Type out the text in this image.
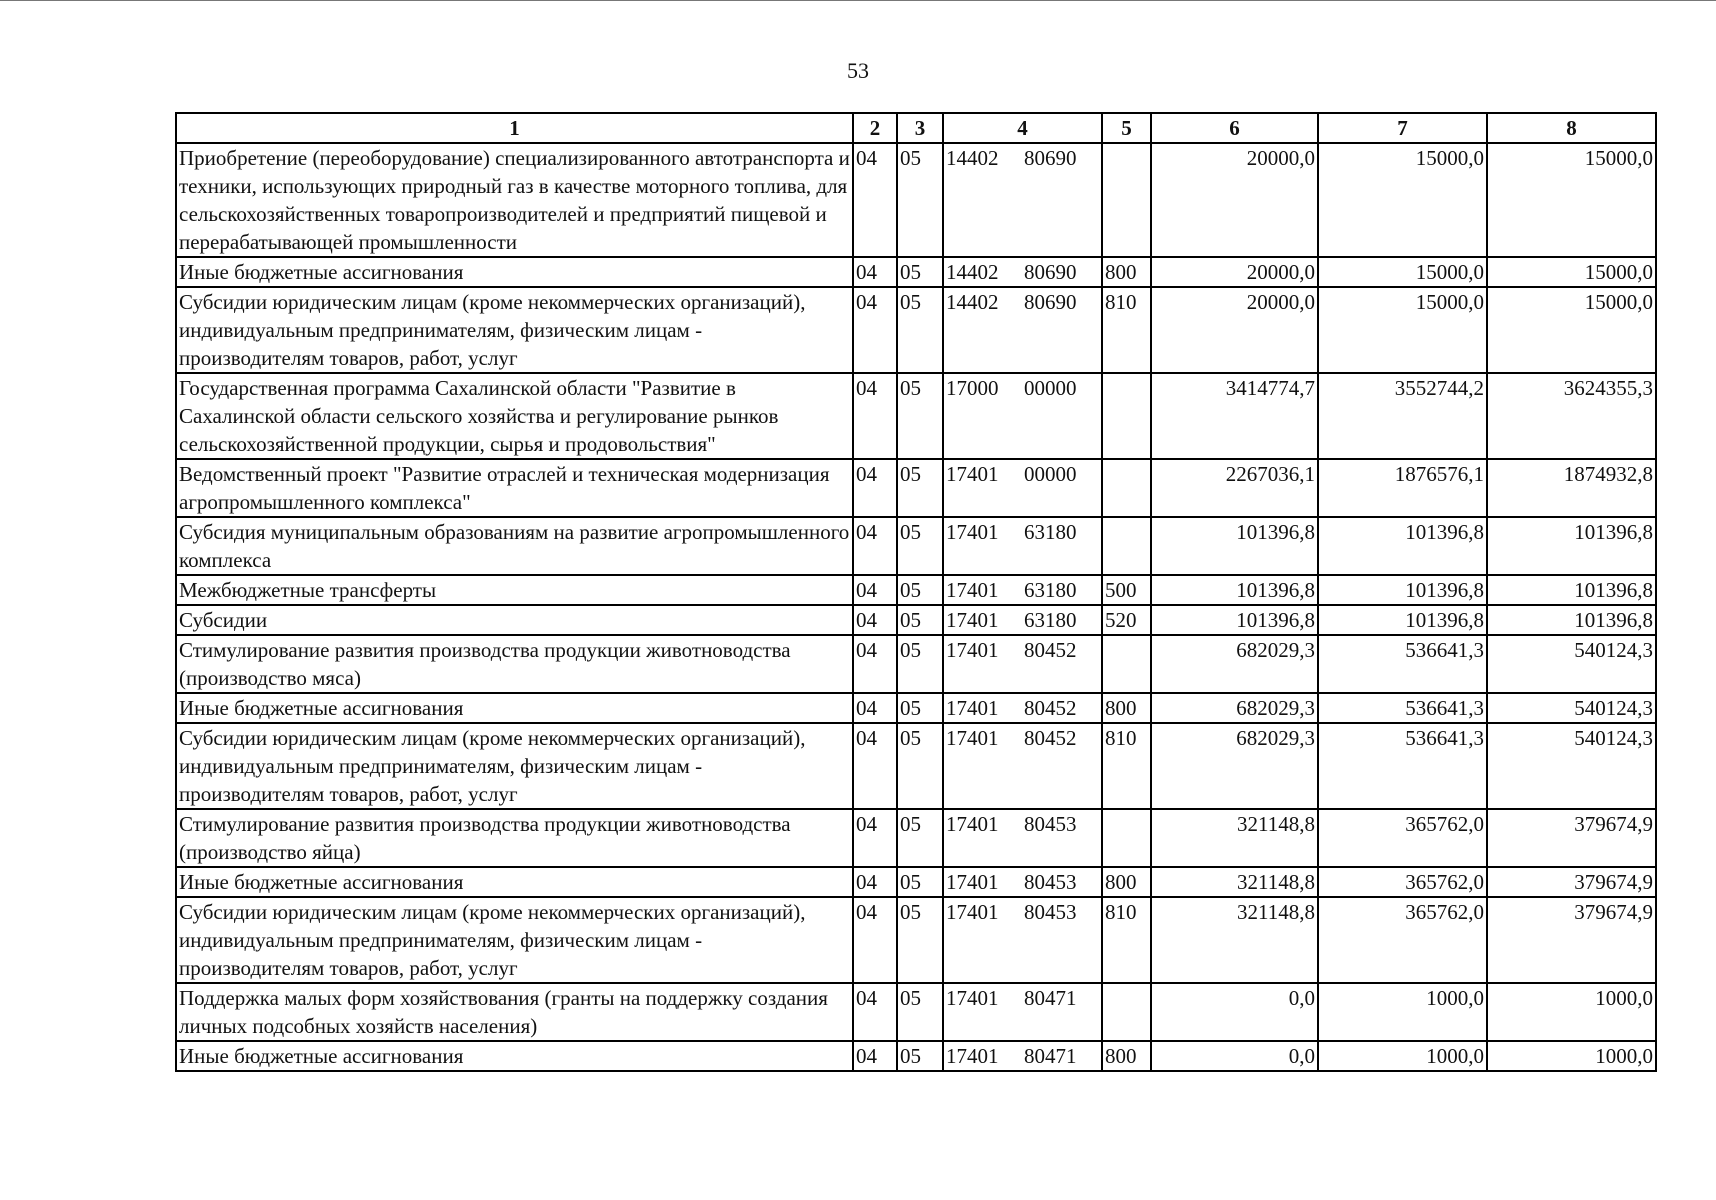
53
1	2	3	4	5	6	7	8
Приобретение (переоборудование) специализированного автотранспорта и техники, использующих природный газ в качестве моторного топлива, для сельскохозяйственных товаропроизводителей и предприятий пищевой и перерабатывающей промышленности	04	05	14402 80690		20000,0	15000,0	15000,0
Иные бюджетные ассигнования	04	05	14402 80690	800	20000,0	15000,0	15000,0
Субсидии юридическим лицам (кроме некоммерческих организаций), индивидуальным предпринимателям, физическим лицам - производителям товаров, работ, услуг	04	05	14402 80690	810	20000,0	15000,0	15000,0
Государственная программа Сахалинской области "Развитие в Сахалинской области сельского хозяйства и регулирование рынков сельскохозяйственной продукции, сырья и продовольствия"	04	05	17000 00000		3414774,7	3552744,2	3624355,3
Ведомственный проект "Развитие отраслей и техническая модернизация агропромышленного комплекса"	04	05	17401 00000		2267036,1	1876576,1	1874932,8
Субсидия муниципальным образованиям на развитие агропромышленного комплекса	04	05	17401 63180		101396,8	101396,8	101396,8
Межбюджетные трансферты	04	05	17401 63180	500	101396,8	101396,8	101396,8
Субсидии	04	05	17401 63180	520	101396,8	101396,8	101396,8
Стимулирование развития производства продукции животноводства (производство мяса)	04	05	17401 80452		682029,3	536641,3	540124,3
Иные бюджетные ассигнования	04	05	17401 80452	800	682029,3	536641,3	540124,3
Субсидии юридическим лицам (кроме некоммерческих организаций), индивидуальным предпринимателям, физическим лицам - производителям товаров, работ, услуг	04	05	17401 80452	810	682029,3	536641,3	540124,3
Стимулирование развития производства продукции животноводства (производство яйца)	04	05	17401 80453		321148,8	365762,0	379674,9
Иные бюджетные ассигнования	04	05	17401 80453	800	321148,8	365762,0	379674,9
Субсидии юридическим лицам (кроме некоммерческих организаций), индивидуальным предпринимателям, физическим лицам - производителям товаров, работ, услуг	04	05	17401 80453	810	321148,8	365762,0	379674,9
Поддержка малых форм хозяйствования (гранты на поддержку создания личных подсобных хозяйств населения)	04	05	17401 80471		0,0	1000,0	1000,0
Иные бюджетные ассигнования	04	05	17401 80471	800	0,0	1000,0	1000,0
